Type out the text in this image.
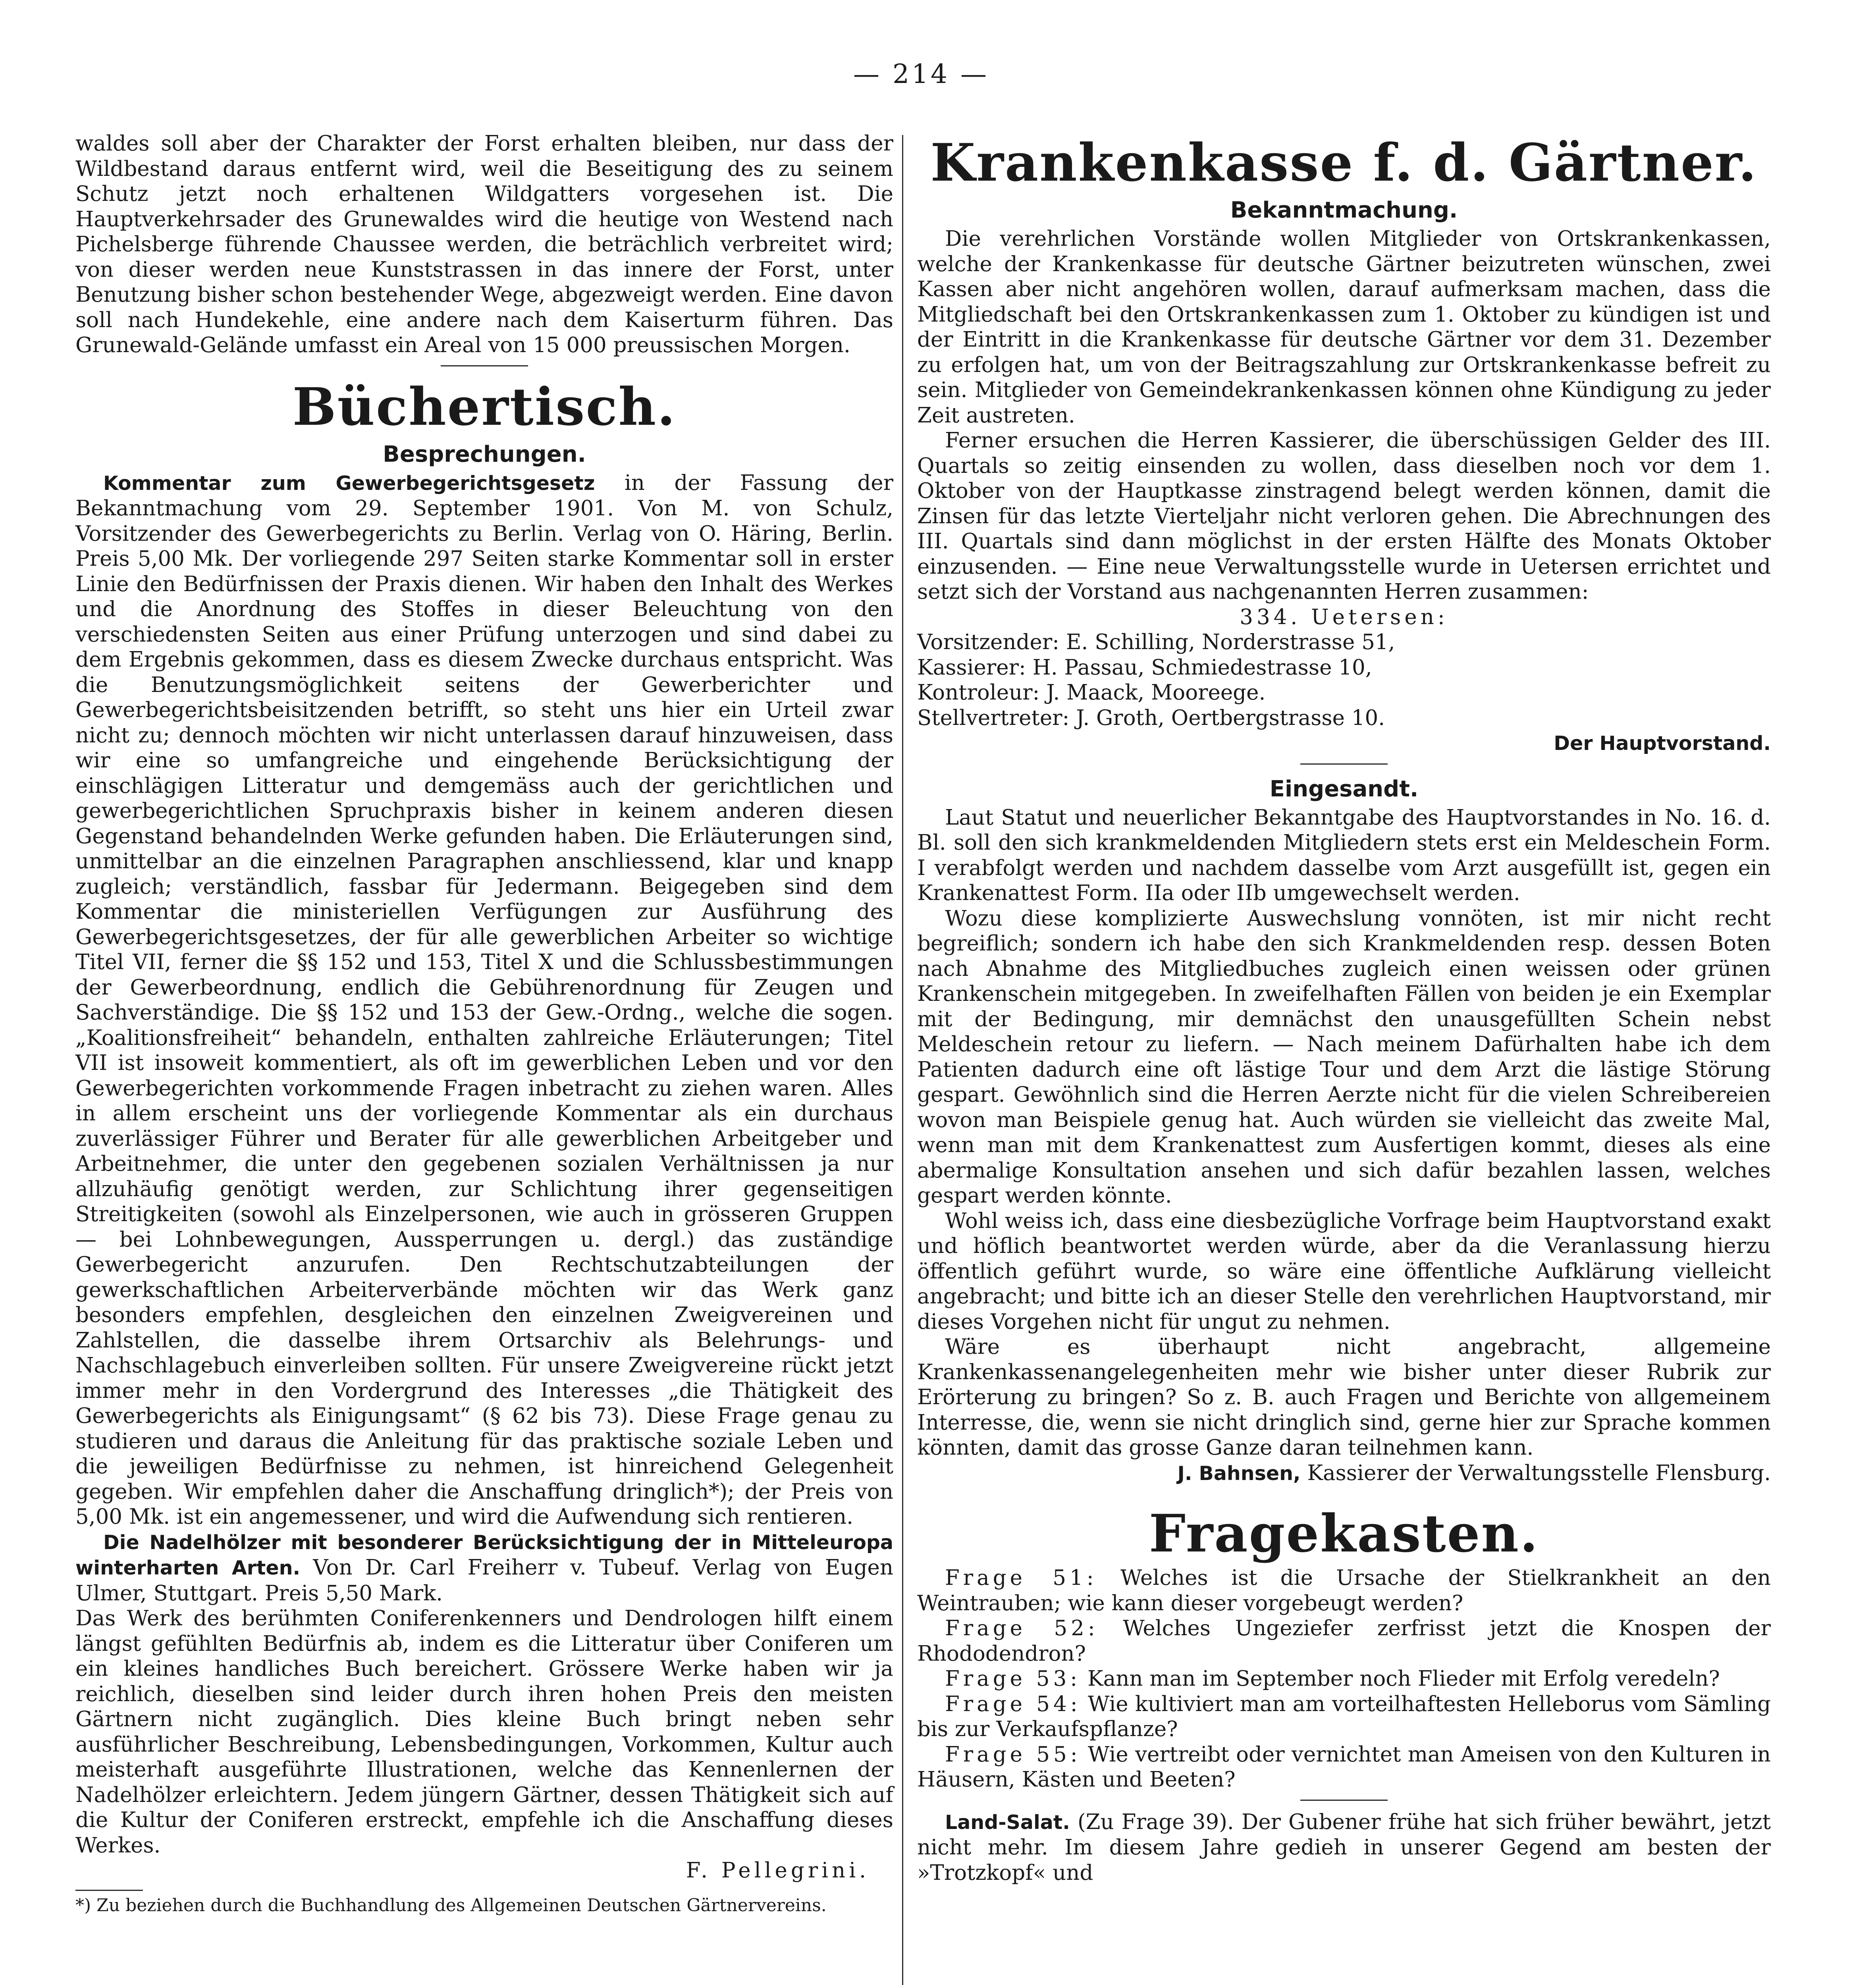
— 214 —

waldes soll aber der Charakter der Forst erhalten bleiben, nur dass der Wildbestand daraus entfernt wird, weil die Beseitigung des zu seinem Schutz jetzt noch erhaltenen Wildgatters vorgesehen ist. Die Hauptverkehrsader des Grunewaldes wird die heutige von Westend nach Pichelsberge führende Chaussee werden, die beträchlich verbreitet wird; von dieser werden neue Kunststrassen in das innere der Forst, unter Benutzung bisher schon bestehender Wege, abgezweigt werden. Eine davon soll nach Hundekehle, eine andere nach dem Kaiserturm führen. Das Grunewald-Gelände umfasst ein Areal von 15 000 preussischen Morgen.

Büchertisch.
Besprechungen.

Kommentar zum Gewerbegerichtsgesetz in der Fassung der Bekanntmachung vom 29. September 1901. Von M. von Schulz, Vorsitzender des Gewerbegerichts zu Berlin. Verlag von O. Häring, Berlin. Preis 5,00 Mk. Der vorliegende 297 Seiten starke Kommentar soll in erster Linie den Bedürfnissen der Praxis dienen. Wir haben den Inhalt des Werkes und die Anordnung des Stoffes in dieser Beleuchtung von den verschiedensten Seiten aus einer Prüfung unterzogen und sind dabei zu dem Ergebnis gekommen, dass es diesem Zwecke durchaus entspricht. Was die Benutzungsmöglichkeit seitens der Gewerberichter und Gewerbegerichtsbeisitzenden betrifft, so steht uns hier ein Urteil zwar nicht zu; dennoch möchten wir nicht unterlassen darauf hinzuweisen, dass wir eine so umfangreiche und eingehende Berücksichtigung der einschlägigen Litteratur und demgemäss auch der gerichtlichen und gewerbegerichtlichen Spruchpraxis bisher in keinem anderen diesen Gegenstand behandelnden Werke gefunden haben. Die Erläuterungen sind, unmittelbar an die einzelnen Paragraphen anschliessend, klar und knapp zugleich; verständlich, fassbar für Jedermann. Beigegeben sind dem Kommentar die ministeriellen Verfügungen zur Ausführung des Gewerbegerichtsgesetzes, der für alle gewerblichen Arbeiter so wichtige Titel VII, ferner die §§ 152 und 153, Titel X und die Schlussbestimmungen der Gewerbeordnung, endlich die Gebührenordnung für Zeugen und Sachverständige. Die §§ 152 und 153 der Gew.-Ordng., welche die sogen. „Koalitionsfreiheit“ behandeln, enthalten zahlreiche Erläuterungen; Titel VII ist insoweit kommentiert, als oft im gewerblichen Leben und vor den Gewerbegerichten vorkommende Fragen inbetracht zu ziehen waren. Alles in allem erscheint uns der vorliegende Kommentar als ein durchaus zuverlässiger Führer und Berater für alle gewerblichen Arbeitgeber und Arbeitnehmer, die unter den gegebenen sozialen Verhältnissen ja nur allzuhäufig genötigt werden, zur Schlichtung ihrer gegenseitigen Streitigkeiten (sowohl als Einzelpersonen, wie auch in grösseren Gruppen — bei Lohnbewegungen, Aussperrungen u. dergl.) das zuständige Gewerbegericht anzurufen. Den Rechtschutzabteilungen der gewerkschaftlichen Arbeiterverbände möchten wir das Werk ganz besonders empfehlen, desgleichen den einzelnen Zweigvereinen und Zahlstellen, die dasselbe ihrem Ortsarchiv als Belehrungs- und Nachschlagebuch einverleiben sollten. Für unsere Zweigvereine rückt jetzt immer mehr in den Vordergrund des Interesses „die Thätigkeit des Gewerbegerichts als Einigungsamt“ (§ 62 bis 73). Diese Frage genau zu studieren und daraus die Anleitung für das praktische soziale Leben und die jeweiligen Bedürfnisse zu nehmen, ist hinreichend Gelegenheit gegeben. Wir empfehlen daher die Anschaffung dringlich*); der Preis von 5,00 Mk. ist ein angemessener, und wird die Aufwendung sich rentieren.

Die Nadelhölzer mit besonderer Berücksichtigung der in Mitteleuropa winterharten Arten. Von Dr. Carl Freiherr v. Tubeuf. Verlag von Eugen Ulmer, Stuttgart. Preis 5,50 Mark.

Das Werk des berühmten Coniferenkenners und Dendrologen hilft einem längst gefühlten Bedürfnis ab, indem es die Litteratur über Coniferen um ein kleines handliches Buch bereichert. Grössere Werke haben wir ja reichlich, dieselben sind leider durch ihren hohen Preis den meisten Gärtnern nicht zugänglich. Dies kleine Buch bringt neben sehr ausführlicher Beschreibung, Lebensbedingungen, Vorkommen, Kultur auch meisterhaft ausgeführte Illustrationen, welche das Kennenlernen der Nadelhölzer erleichtern. Jedem jüngern Gärtner, dessen Thätigkeit sich auf die Kultur der Coniferen erstreckt, empfehle ich die Anschaffung dieses Werkes.

F. Pellegrini.

*) Zu beziehen durch die Buchhandlung des Allgemeinen Deutschen Gärtnervereins.

Krankenkasse f. d. Gärtner.
Bekanntmachung.

Die verehrlichen Vorstände wollen Mitglieder von Ortskrankenkassen, welche der Krankenkasse für deutsche Gärtner beizutreten wünschen, zwei Kassen aber nicht angehören wollen, darauf aufmerksam machen, dass die Mitgliedschaft bei den Ortskrankenkassen zum 1. Oktober zu kündigen ist und der Eintritt in die Krankenkasse für deutsche Gärtner vor dem 31. Dezember zu erfolgen hat, um von der Beitragszahlung zur Ortskrankenkasse befreit zu sein. Mitglieder von Gemeindekrankenkassen können ohne Kündigung zu jeder Zeit austreten.

Ferner ersuchen die Herren Kassierer, die überschüssigen Gelder des III. Quartals so zeitig einsenden zu wollen, dass dieselben noch vor dem 1. Oktober von der Hauptkasse zinstragend belegt werden können, damit die Zinsen für das letzte Vierteljahr nicht verloren gehen. Die Abrechnungen des III. Quartals sind dann möglichst in der ersten Hälfte des Monats Oktober einzusenden. — Eine neue Verwaltungsstelle wurde in Uetersen errichtet und setzt sich der Vorstand aus nachgenannten Herren zusammen:

334. Uetersen:

Vorsitzender: E. Schilling, Norderstrasse 51,

Kassierer: H. Passau, Schmiedestrasse 10,

Kontroleur: J. Maack, Mooreege.

Stellvertreter: J. Groth, Oertbergstrasse 10.

Der Hauptvorstand.

Eingesandt.

Laut Statut und neuerlicher Bekanntgabe des Hauptvorstandes in No. 16. d. Bl. soll den sich krankmeldenden Mitgliedern stets erst ein Meldeschein Form. I verabfolgt werden und nachdem dasselbe vom Arzt ausgefüllt ist, gegen ein Krankenattest Form. IIa oder IIb umgewechselt werden.

Wozu diese komplizierte Auswechslung vonnöten, ist mir nicht recht begreiflich; sondern ich habe den sich Krankmeldenden resp. dessen Boten nach Abnahme des Mitgliedbuches zugleich einen weissen oder grünen Krankenschein mitgegeben. In zweifelhaften Fällen von beiden je ein Exemplar mit der Bedingung, mir demnächst den unausgefüllten Schein nebst Meldeschein retour zu liefern. — Nach meinem Dafürhalten habe ich dem Patienten dadurch eine oft lästige Tour und dem Arzt die lästige Störung gespart. Gewöhnlich sind die Herren Aerzte nicht für die vielen Schreibereien wovon man Beispiele genug hat. Auch würden sie vielleicht das zweite Mal, wenn man mit dem Krankenattest zum Ausfertigen kommt, dieses als eine abermalige Konsultation ansehen und sich dafür bezahlen lassen, welches gespart werden könnte.

Wohl weiss ich, dass eine diesbezügliche Vorfrage beim Hauptvorstand exakt und höflich beantwortet werden würde, aber da die Veranlassung hierzu öffentlich geführt wurde, so wäre eine öffentliche Aufklärung vielleicht angebracht; und bitte ich an dieser Stelle den verehrlichen Hauptvorstand, mir dieses Vorgehen nicht für ungut zu nehmen.

Wäre es überhaupt nicht angebracht, allgemeine Krankenkassenangelegenheiten mehr wie bisher unter dieser Rubrik zur Erörterung zu bringen? So z. B. auch Fragen und Berichte von allgemeinem Interresse, die, wenn sie nicht dringlich sind, gerne hier zur Sprache kommen könnten, damit das grosse Ganze daran teilnehmen kann.

J. Bahnsen, Kassierer der Verwaltungsstelle Flensburg.

Fragekasten.

Frage 51: Welches ist die Ursache der Stielkrankheit an den Weintrauben; wie kann dieser vorgebeugt werden?

Frage 52: Welches Ungeziefer zerfrisst jetzt die Knospen der Rhododendron?

Frage 53: Kann man im September noch Flieder mit Erfolg veredeln?

Frage 54: Wie kultiviert man am vorteilhaftesten Helleborus vom Sämling bis zur Verkaufspflanze?

Frage 55: Wie vertreibt oder vernichtet man Ameisen von den Kulturen in Häusern, Kästen und Beeten?

Land-Salat. (Zu Frage 39). Der Gubener frühe hat sich früher bewährt, jetzt nicht mehr. Im diesem Jahre gedieh in unserer Gegend am besten der »Trotzkopf« und
